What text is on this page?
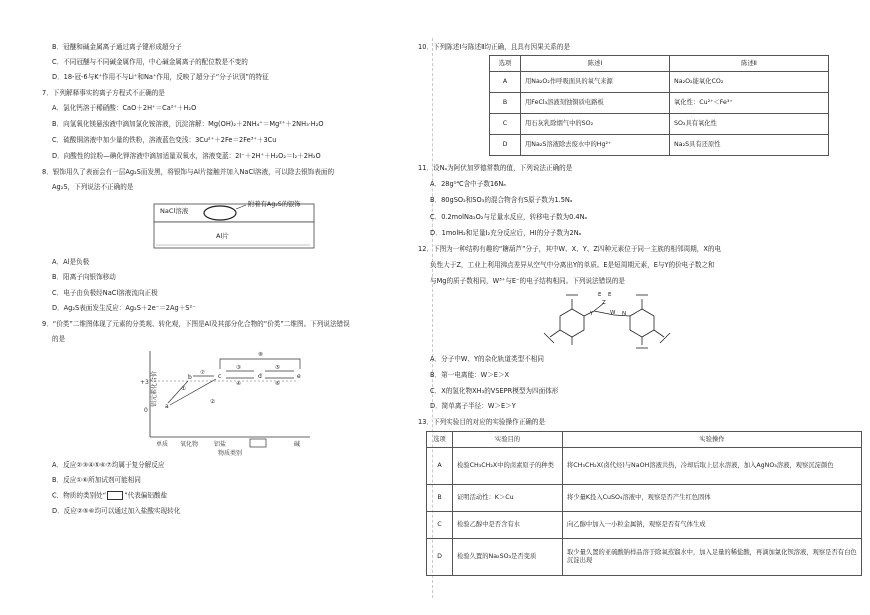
B．冠醚和碱金属离子通过离子键形成超分子
C．不同冠醚与不同碱金属作用，中心碱金属离子的配位数是不变的
D．18-冠-6与K⁺作用不与Li⁺和Na⁺作用，反映了超分子“分子识别”的特征
7．下列解释事实的离子方程式不正确的是
A．氯化钙溶于稀硝酸：CaO＋2H⁺＝Ca²⁺＋H₂O
B．向氢氧化镁悬浊液中滴加氯化铵溶液，沉淀溶解：Mg(OH)₂＋2NH₄⁺＝Mg²⁺＋2NH₃·H₂O
C．硫酸铜溶液中加少量的铁粉，溶液蓝色变浅：3Cu²⁺＋2Fe＝2Fe³⁺＋3Cu
D．向酸性的淀粉—碘化钾溶液中滴加适量双氧水，溶液变蓝：2I⁻＋2H⁺＋H₂O₂＝I₂＋2H₂O
8．银饰用久了表面会有一层Ag₂S而发黑，将银饰与Al片接触并加入NaCl溶液，可以除去银饰表面的
Ag₂S，下列说法不正确的是
NaCl溶液
附着有Ag₂S的银饰
Al片
A．Al是负极
B．阳离子向银饰移动
C．电子由负极经NaCl溶液流向正极
D．Ag₂S表面发生反应：Ag₂S＋2e⁻＝2Ag＋S²⁻
9．“价类”二维图体现了元素的分类观、转化观，下图是Al及其部分化合物的“价类”二维图。下列说法错误
的是
铝元素化合价
+3
0
a
b	c	d	e
①
②
③
④
⑤
⑥
⑦
⑧
单质 氧化物	铝盐	碱
物质类别
A．反应②③④⑤⑥⑦均属于复分解反应
B．反应①⑥所加试剂可能相同
C．物质的类别处“	”代表偏铝酸盐
D．反应②⑤⑥均可以通过加入盐酸实现转化
10．下列陈述Ⅰ与陈述Ⅱ均正确，且具有因果关系的是
选项	陈述Ⅰ	陈述Ⅱ
A	用Na₂O₂作呼吸面具的氧气来源	Na₂O₂能氧化CO₂
B	用FeCl₃溶液刻蚀铜质电路板	氧化性：Cu²⁺＜Fe³⁺
C	用石灰乳除烟气中的SO₂	SO₂具有氧化性
D	用Na₂S溶液除去废水中的Hg²⁺	Na₂S具有还原性
11．设Nₐ为阿伏加罗德常数的值，下列说法正确的是
A．28g¹⁴C含中子数16Nₐ
B．80gSO₂和SO₃的混合物含有S原子数为1.5Nₐ
C．0.2molNa₂O₂与足量水反应，转移电子数为0.4Nₐ
D．1molH₂和足量I₂充分反应后，HI的分子数为2Nₐ
12．下图为一种结构有趣的“糖葫芦”分子，其中W、X、Y、Z四种元素位于同一主族的相邻周期，X的电
负性大于Z，工业上利用沸点差异从空气中分离出Y的单质。E是短周期元素，E与Y的价电子数之和
与Mg的质子数相同，W³⁺与E⁻的电子结构相同。下列说法错误的是
E E
Z
Y	W N
A．分子中W、Y的杂化轨道类型不相同
B．第一电离能：W＞E＞X
C．X的氢化物XH₃的VSEPR模型为四面体形
D．简单离子半径：W＞E＞Y
13．下列实验目的对应的实验操作正确的是
选项	实验目的	实验操作
A	检验CH₃CH₂X中的卤素原子的种类	将CH₃CH₂X(卤代烃)与NaOH溶液共热，冷却后取上层水溶液，加入AgNO₃溶液，观察沉淀颜色
B	证明活动性：K＞Cu	将少量K投入CuSO₄溶液中，观察是否产生红色固体
C	检验乙醇中是否含有水	向乙醇中加入一小粒金属钠，观察是否有气体生成
D	检验久置的Na₂SO₃是否变质	取少量久置的亚硫酸钠样品溶于除氧蒸馏水中，加入足量的稀盐酸，再滴加氯化钡溶液，观察是否有白色沉淀出现
